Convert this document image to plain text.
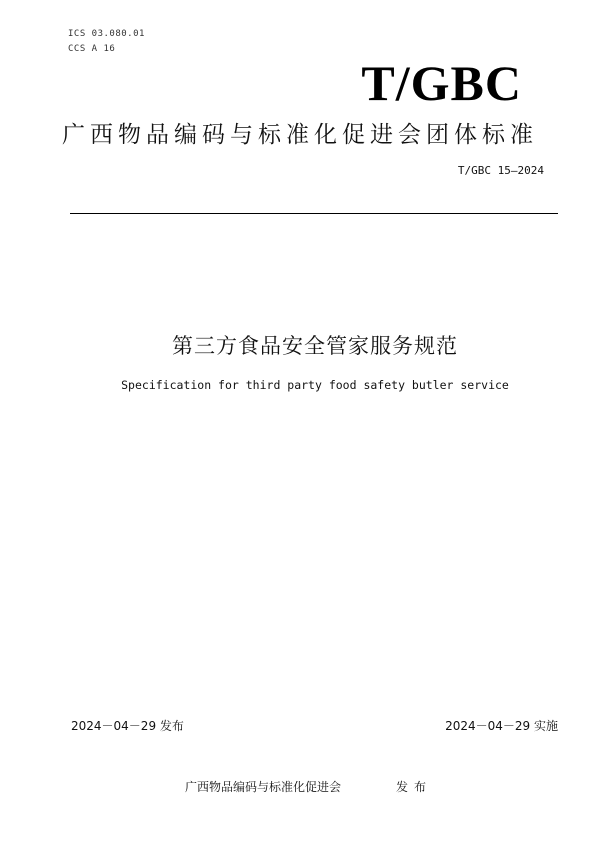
ICS 03.080.01
CCS A 16
T/GBC
广西物品编码与标准化促进会团体标准
T/GBC 15—2024
第三方食品安全管家服务规范
Specification for third party food safety butler service
2024－04－29 发布	2024－04－29 实施
广西物品编码与标准化促进会	发布
